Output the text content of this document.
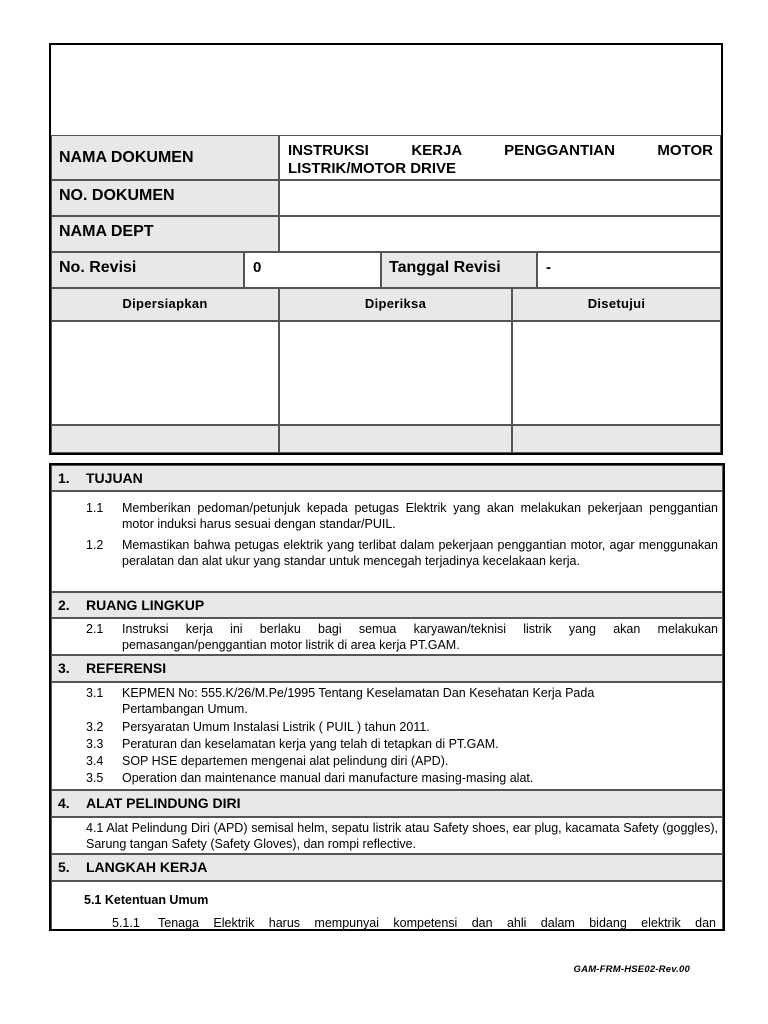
NAMA DOKUMEN	INSTRUKSI KERJA PENGGANTIAN MOTOR LISTRIK/MOTOR DRIVE
NO. DOKUMEN
NAMA DEPT
No. Revisi	0	Tanggal Revisi	-
Dipersiapkan	Diperiksa	Disetujui
1. TUJUAN
1.1	Memberikan pedoman/petunjuk kepada petugas Elektrik yang akan melakukan pekerjaan penggantian motor induksi harus sesuai dengan standar/PUIL.
1.2	Memastikan bahwa petugas elektrik yang terlibat dalam pekerjaan penggantian motor, agar menggunakan peralatan dan alat ukur yang standar untuk mencegah terjadinya kecelakaan kerja.
2. RUANG LINGKUP
2.1	Instruksi kerja ini berlaku bagi semua karyawan/teknisi listrik yang akan melakukan pemasangan/penggantian motor listrik di area kerja PT.GAM.
3. REFERENSI
3.1	KEPMEN No: 555.K/26/M.Pe/1995 Tentang Keselamatan Dan Kesehatan Kerja Pada Pertambangan Umum.
3.2	Persyaratan Umum Instalasi Listrik ( PUIL ) tahun 2011.
3.3	Peraturan dan keselamatan kerja yang telah di tetapkan di PT.GAM.
3.4	SOP HSE departemen mengenai alat pelindung diri (APD).
3.5	Operation dan maintenance manual dari manufacture masing-masing alat.
4. ALAT PELINDUNG DIRI
4.1 Alat Pelindung Diri (APD) semisal helm, sepatu listrik atau Safety shoes, ear plug, kacamata Safety (goggles), Sarung tangan Safety (Safety Gloves), dan rompi reflective.
5. LANGKAH KERJA
5.1 Ketentuan Umum
5.1.1	Tenaga Elektrik harus mempunyai kompetensi dan ahli dalam bidang elektrik dan
GAM-FRM-HSE02-Rev.00
